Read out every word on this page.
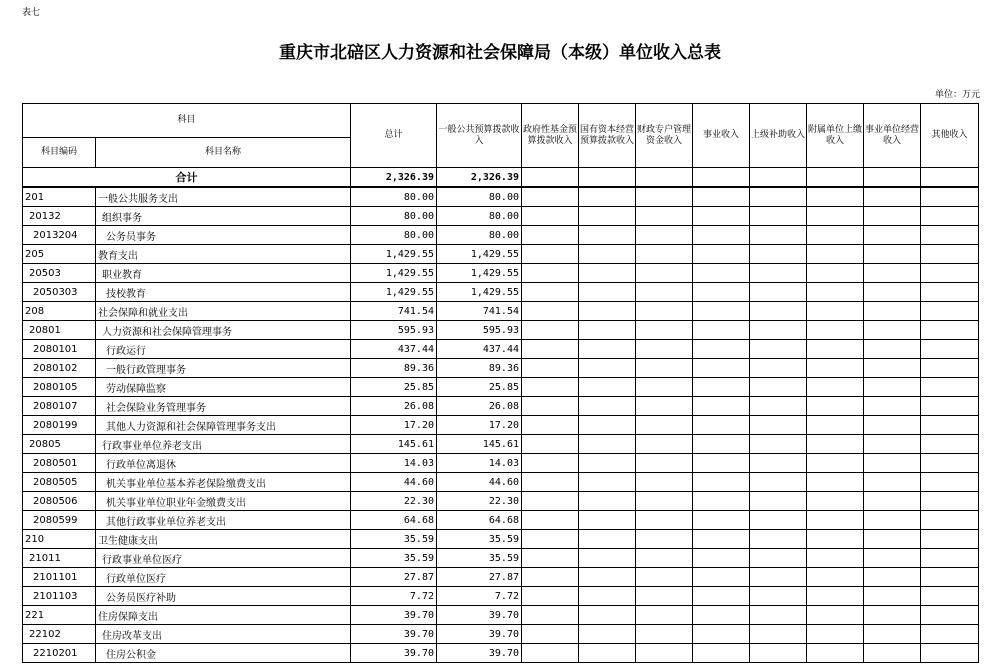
表七
重庆市北碚区人力资源和社会保障局（本级）单位收入总表
单位：万元
科目		总计	一般公共预算拨款收入	政府性基金预算拨款收入	国有资本经营预算拨款收入	财政专户管理资金收入	事业收入	上级补助收入	附属单位上缴收入	事业单位经营收入	其他收入
科目编码	科目名称										
合计		2,326.39	2,326.39								
201	一般公共服务支出	80.00	80.00								
20132	组织事务	80.00	80.00								
2013204	公务员事务	80.00	80.00								
205	教育支出	1,429.55	1,429.55								
20503	职业教育	1,429.55	1,429.55								
2050303	技校教育	1,429.55	1,429.55								
208	社会保障和就业支出	741.54	741.54								
20801	人力资源和社会保障管理事务	595.93	595.93								
2080101	行政运行	437.44	437.44								
2080102	一般行政管理事务	89.36	89.36								
2080105	劳动保障监察	25.85	25.85								
2080107	社会保险业务管理事务	26.08	26.08								
2080199	其他人力资源和社会保障管理事务支出	17.20	17.20								
20805	行政事业单位养老支出	145.61	145.61								
2080501	行政单位离退休	14.03	14.03								
2080505	机关事业单位基本养老保险缴费支出	44.60	44.60								
2080506	机关事业单位职业年金缴费支出	22.30	22.30								
2080599	其他行政事业单位养老支出	64.68	64.68								
210	卫生健康支出	35.59	35.59								
21011	行政事业单位医疗	35.59	35.59								
2101101	行政单位医疗	27.87	27.87								
2101103	公务员医疗补助	7.72	7.72								
221	住房保障支出	39.70	39.70								
22102	住房改革支出	39.70	39.70								
2210201	住房公积金	39.70	39.70								
